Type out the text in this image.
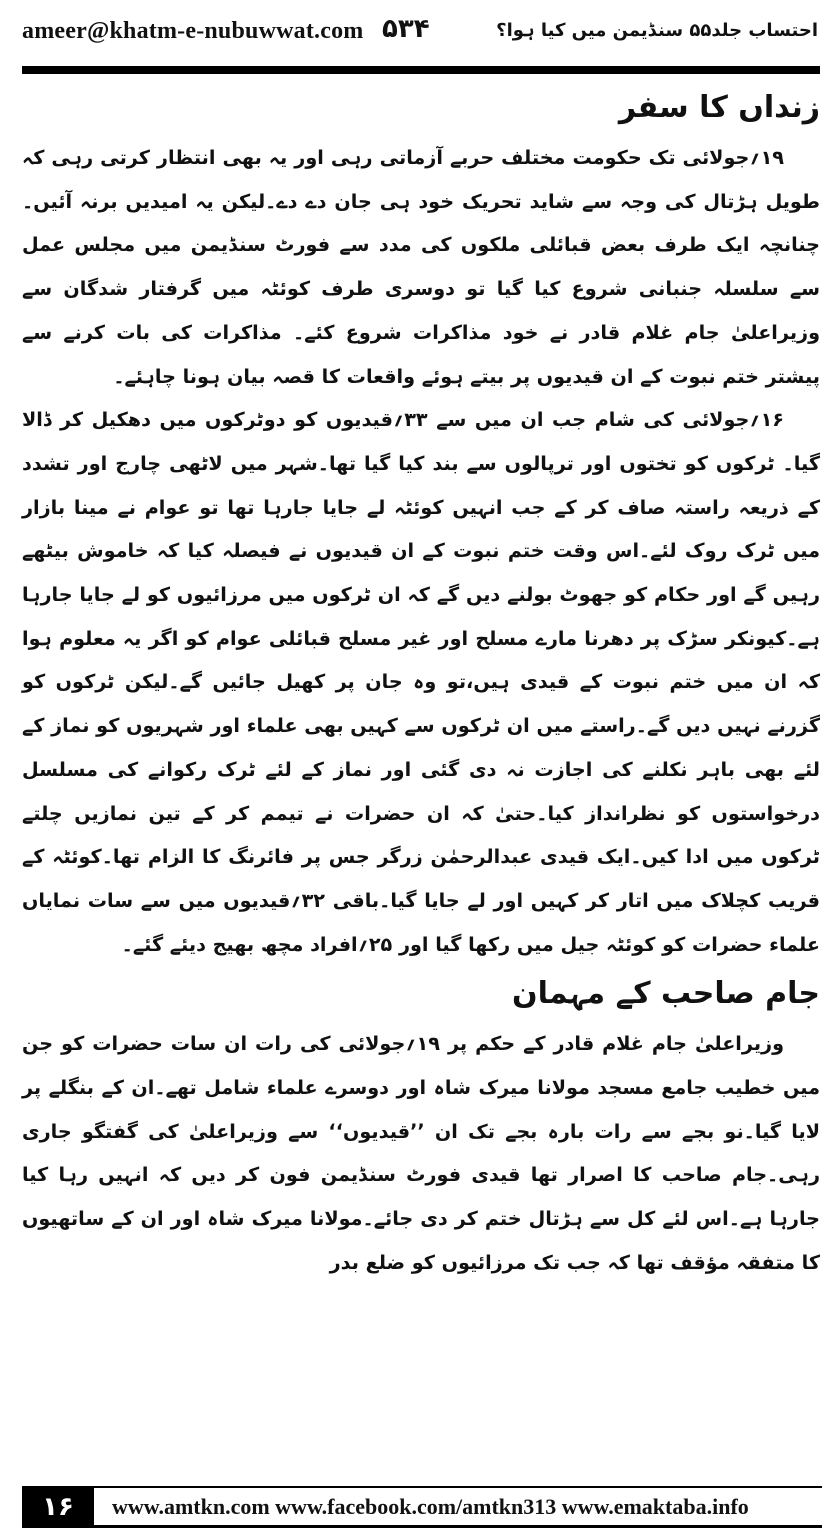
ameer@khatm-e-nubuwwat.com ۵۳۴	احتساب جلد۵۵ سنڈیمن میں کیا ہوا؟
زنداں کا سفر

۱۹؍جولائی تک حکومت مختلف حربے آزماتی رہی اور یہ بھی انتظار کرتی رہی کہ طویل ہڑتال کی وجہ سے شاید تحریک خود ہی جان دے دے۔لیکن یہ امیدیں برنہ آئیں۔چنانچہ ایک طرف بعض قبائلی ملکوں کی مدد سے فورٹ سنڈیمن میں مجلس عمل سے سلسلہ جنبانی شروع کیا گیا تو دوسری طرف کوئٹہ میں گرفتار شدگان سے وزیراعلیٰ جام غلام قادر نے خود مذاکرات شروع کئے۔ مذاکرات کی بات کرنے سے پیشتر ختم نبوت کے ان قیدیوں پر بیتے ہوئے واقعات کا قصہ بیان ہونا چاہئے۔

۱۶؍جولائی کی شام جب ان میں سے ۳۳؍قیدیوں کو دوٹرکوں میں دھکیل کر ڈالا گیا۔ ٹرکوں کو تختوں اور ترپالوں سے بند کیا گیا تھا۔شہر میں لاٹھی چارج اور تشدد کے ذریعہ راستہ صاف کر کے جب انہیں کوئٹہ لے جایا جارہا تھا تو عوام نے مینا بازار میں ٹرک روک لئے۔اس وقت ختم نبوت کے ان قیدیوں نے فیصلہ کیا کہ خاموش بیٹھے رہیں گے اور حکام کو جھوٹ بولنے دیں گے کہ ان ٹرکوں میں مرزائیوں کو لے جایا جارہا ہے۔کیونکر سڑک پر دھرنا مارے مسلح اور غیر مسلح قبائلی عوام کو اگر یہ معلوم ہوا کہ ان میں ختم نبوت کے قیدی ہیں،تو وہ جان پر کھیل جائیں گے۔لیکن ٹرکوں کو گزرنے نہیں دیں گے۔راستے میں ان ٹرکوں سے کہیں بھی علماء اور شہریوں کو نماز کے لئے بھی باہر نکلنے کی اجازت نہ دی گئی اور نماز کے لئے ٹرک رکوانے کی مسلسل درخواستوں کو نظرانداز کیا۔حتیٰ کہ ان حضرات نے تیمم کر کے تین نمازیں چلتے ٹرکوں میں ادا کیں۔ایک قیدی عبدالرحمٰن زرگر جس پر فائرنگ کا الزام تھا۔کوئٹہ کے قریب کچلاک میں اتار کر کہیں اور لے جایا گیا۔باقی ۳۲؍قیدیوں میں سے سات نمایاں علماء حضرات کو کوئٹہ جیل میں رکھا گیا اور ۲۵؍افراد مچھ بھیج دیئے گئے۔

جام صاحب کے مہمان

وزیراعلیٰ جام غلام قادر کے حکم پر ۱۹؍جولائی کی رات ان سات حضرات کو جن میں خطیب جامع مسجد مولانا میرک شاہ اور دوسرے علماء شامل تھے۔ان کے بنگلے پر لایا گیا۔نو بجے سے رات بارہ بجے تک ان ’’قیدیوں‘‘ سے وزیراعلیٰ کی گفتگو جاری رہی۔جام صاحب کا اصرار تھا قیدی فورٹ سنڈیمن فون کر دیں کہ انہیں رہا کیا جارہا ہے۔اس لئے کل سے ہڑتال ختم کر دی جائے۔مولانا میرک شاہ اور ان کے ساتھیوں کا متفقہ مؤقف تھا کہ جب تک مرزائیوں کو ضلع بدر

۱۶	www.amtkn.com www.facebook.com/amtkn313 www.emaktaba.info
